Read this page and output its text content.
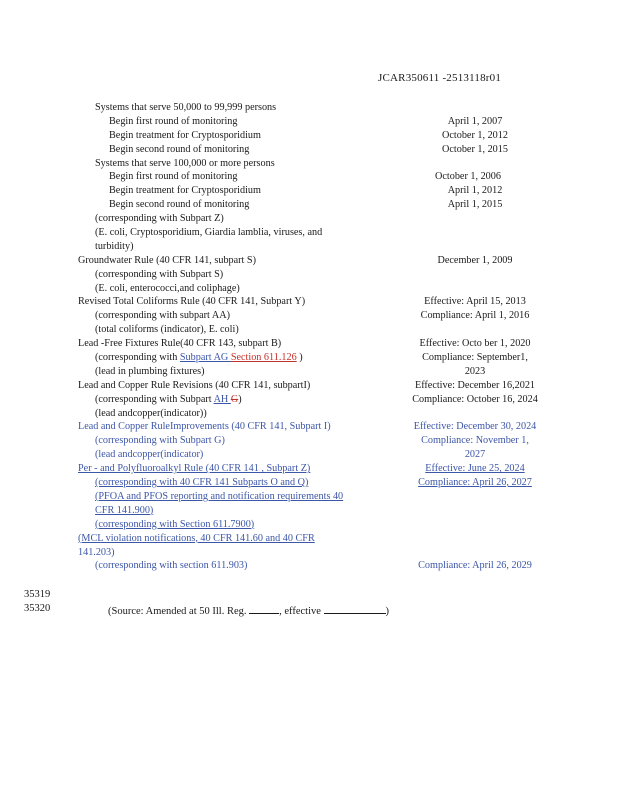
JCAR350611 -2513118r01
Systems that serve 50,000 to 99,999 persons
Begin first round of monitoring	April 1, 2007
Begin treatment for Cryptosporidium	October 1, 2012
Begin second round of monitoring	October 1, 2015
Systems that serve 100,000 or more persons
Begin first round of monitoring	October 1, 2006
Begin treatment for Cryptosporidium	April 1, 2012
Begin second round of monitoring	April 1, 2015
(corresponding with Subpart Z)
(E. coli, Cryptosporidium, Giardia lamblia, viruses, and
turbidity)
Groundwater Rule (40 CFR 141, subpart S)	December 1, 2009
(corresponding with Subpart S)
(E. coli, enterococci,and coliphage)
Revised Total Coliforms Rule (40 CFR 141, Subpart Y)	Effective: April 15, 2013
(corresponding with subpart AA)	Compliance: April 1, 2016
(total coliforms (indicator), E. coli)
Lead -Free Fixtures Rule(40 CFR 143, subpart B)	Effective: Octo ber 1, 2020
(corresponding with Subpart AG Section 611.126 )	Compliance: September1,
(lead in plumbing fixtures)	2023
Lead and Copper Rule Revisions (40 CFR 141, subpartI)	Effective: December 16,2021
(corresponding with Subpart AH G)	Compliance: October 16, 2024
(lead andcopper(indicator))
Lead and Copper RuleImprovements (40 CFR 141, Subpart I)	Effective: December 30, 2024
(corresponding with Subpart G)	Compliance: November 1,
(lead andcopper(indicator)	2027
Per - and Polyfluoroalkyl Rule (40 CFR 141 , Subpart Z)	Effective: June 25, 2024
(corresponding with 40 CFR 141 Subparts O and Q)	Compliance: April 26, 2027
(PFOA and PFOS reporting and notification requirements 40
CFR 141.900)
(corresponding with Section 611.7900)
(MCL violation notifications, 40 CFR 141.60 and 40 CFR
141.203)
(corresponding with section 611.903)	Compliance: April 26, 2029
35319
35320	(Source: Amended at 50 Ill. Reg.	, effective	)
